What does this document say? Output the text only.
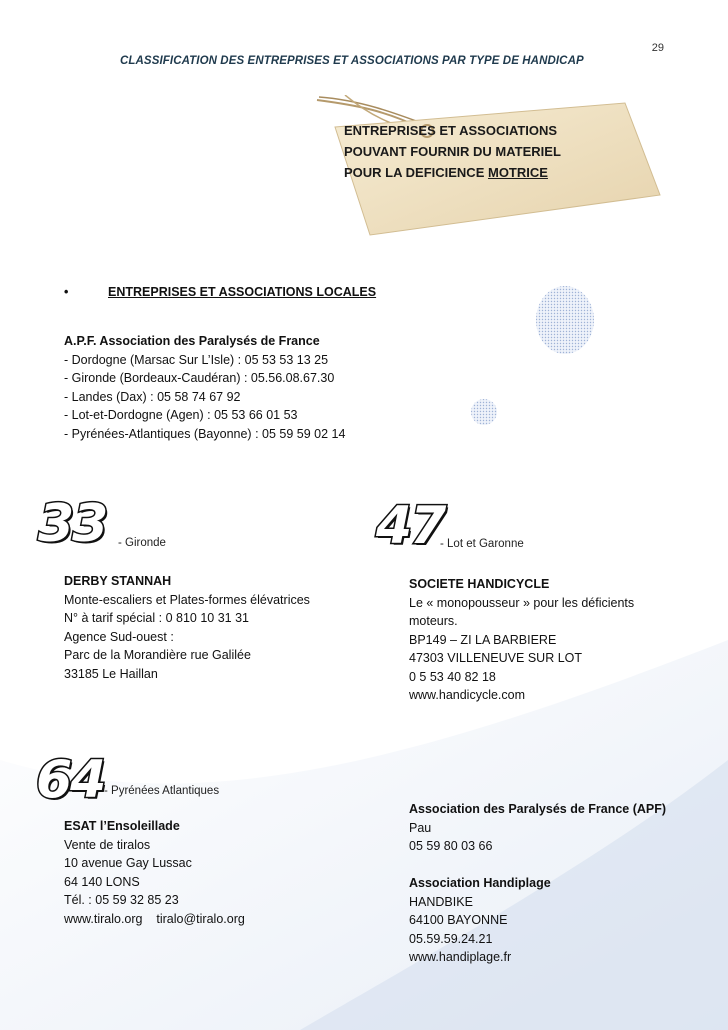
29
CLASSIFICATION DES ENTREPRISES ET ASSOCIATIONS PAR TYPE DE HANDICAP
ENTREPRISES ET ASSOCIATIONS
POUVANT FOURNIR DU MATERIEL
POUR LA DEFICIENCE MOTRICE
•	ENTREPRISES ET ASSOCIATIONS LOCALES
A.P.F. Association des Paralysés de France
- Dordogne (Marsac Sur L’Isle) : 05 53 53 13 25
- Gironde (Bordeaux-Caudéran) : 05.56.08.67.30
- Landes (Dax) : 05 58 74 67 92
- Lot-et-Dordogne (Agen) : 05 53 66 01 53
- Pyrénées-Atlantiques (Bayonne) : 05 59 59 02 14
33 - Gironde
DERBY STANNAH
Monte-escaliers et Plates-formes élévatrices
N° à tarif spécial : 0 810 10 31 31
Agence Sud-ouest :
Parc de la Morandière rue Galilée
33185 Le Haillan
47
- Lot et Garonne
SOCIETE HANDICYCLE
Le « monopousseur » pour les déficients
moteurs.
BP149 – ZI LA BARBIERE
47303 VILLENEUVE SUR LOT
0 5 53 40 82 18
www.handicycle.com
64 - Pyrénées Atlantiques
ESAT l’Ensoleillade
Vente de tiralos
10 avenue Gay Lussac
64 140 LONS
Tél. : 05 59 32 85 23
www.tiralo.org    tiralo@tiralo.org
Association des Paralysés de France (APF)
Pau
05 59 80 03 66
Association Handiplage
HANDBIKE
64100 BAYONNE
05.59.59.24.21
www.handiplage.fr
